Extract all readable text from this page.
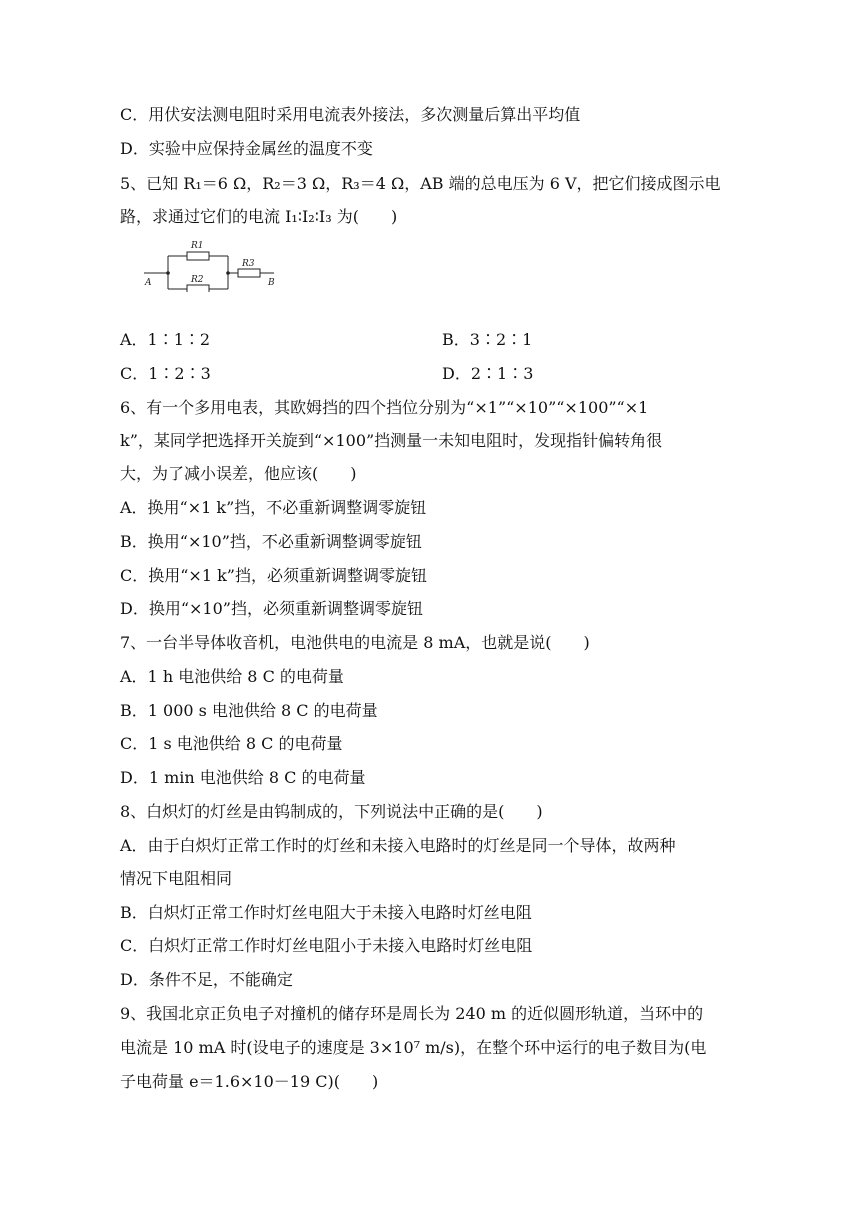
C．用伏安法测电阻时采用电流表外接法，多次测量后算出平均值
D．实验中应保持金属丝的温度不变
5、已知 R₁＝6 Ω，R₂＝3 Ω，R₃＝4 Ω，AB 端的总电压为 6 V，把它们接成图示电
路，求通过它们的电流 I₁∶I₂∶I₃ 为(　　)
R1
R2
R3
A	B
A．1∶1∶2	B．3∶2∶1
C．1∶2∶3	D．2∶1∶3
6、有一个多用电表，其欧姆挡的四个挡位分别为“×1”“×10”“×100”“×1
k”，某同学把选择开关旋到“×100”挡测量一未知电阻时，发现指针偏转角很
大，为了减小误差，他应该(　　)
A．换用“×1 k”挡，不必重新调整调零旋钮
B．换用“×10”挡，不必重新调整调零旋钮
C．换用“×1 k”挡，必须重新调整调零旋钮
D．换用“×10”挡，必须重新调整调零旋钮
7、一台半导体收音机，电池供电的电流是 8 mA，也就是说(　　)
A．1 h 电池供给 8 C 的电荷量
B．1 000 s 电池供给 8 C 的电荷量
C．1 s 电池供给 8 C 的电荷量
D．1 min 电池供给 8 C 的电荷量
8、白炽灯的灯丝是由钨制成的，下列说法中正确的是(　　)
A．由于白炽灯正常工作时的灯丝和未接入电路时的灯丝是同一个导体，故两种
情况下电阻相同
B．白炽灯正常工作时灯丝电阻大于未接入电路时灯丝电阻
C．白炽灯正常工作时灯丝电阻小于未接入电路时灯丝电阻
D．条件不足，不能确定
9、我国北京正负电子对撞机的储存环是周长为 240 m 的近似圆形轨道，当环中的
电流是 10 mA 时(设电子的速度是 3×10⁷ m/s)，在整个环中运行的电子数目为(电
子电荷量 e＝1.6×10－19 C)(　　)
